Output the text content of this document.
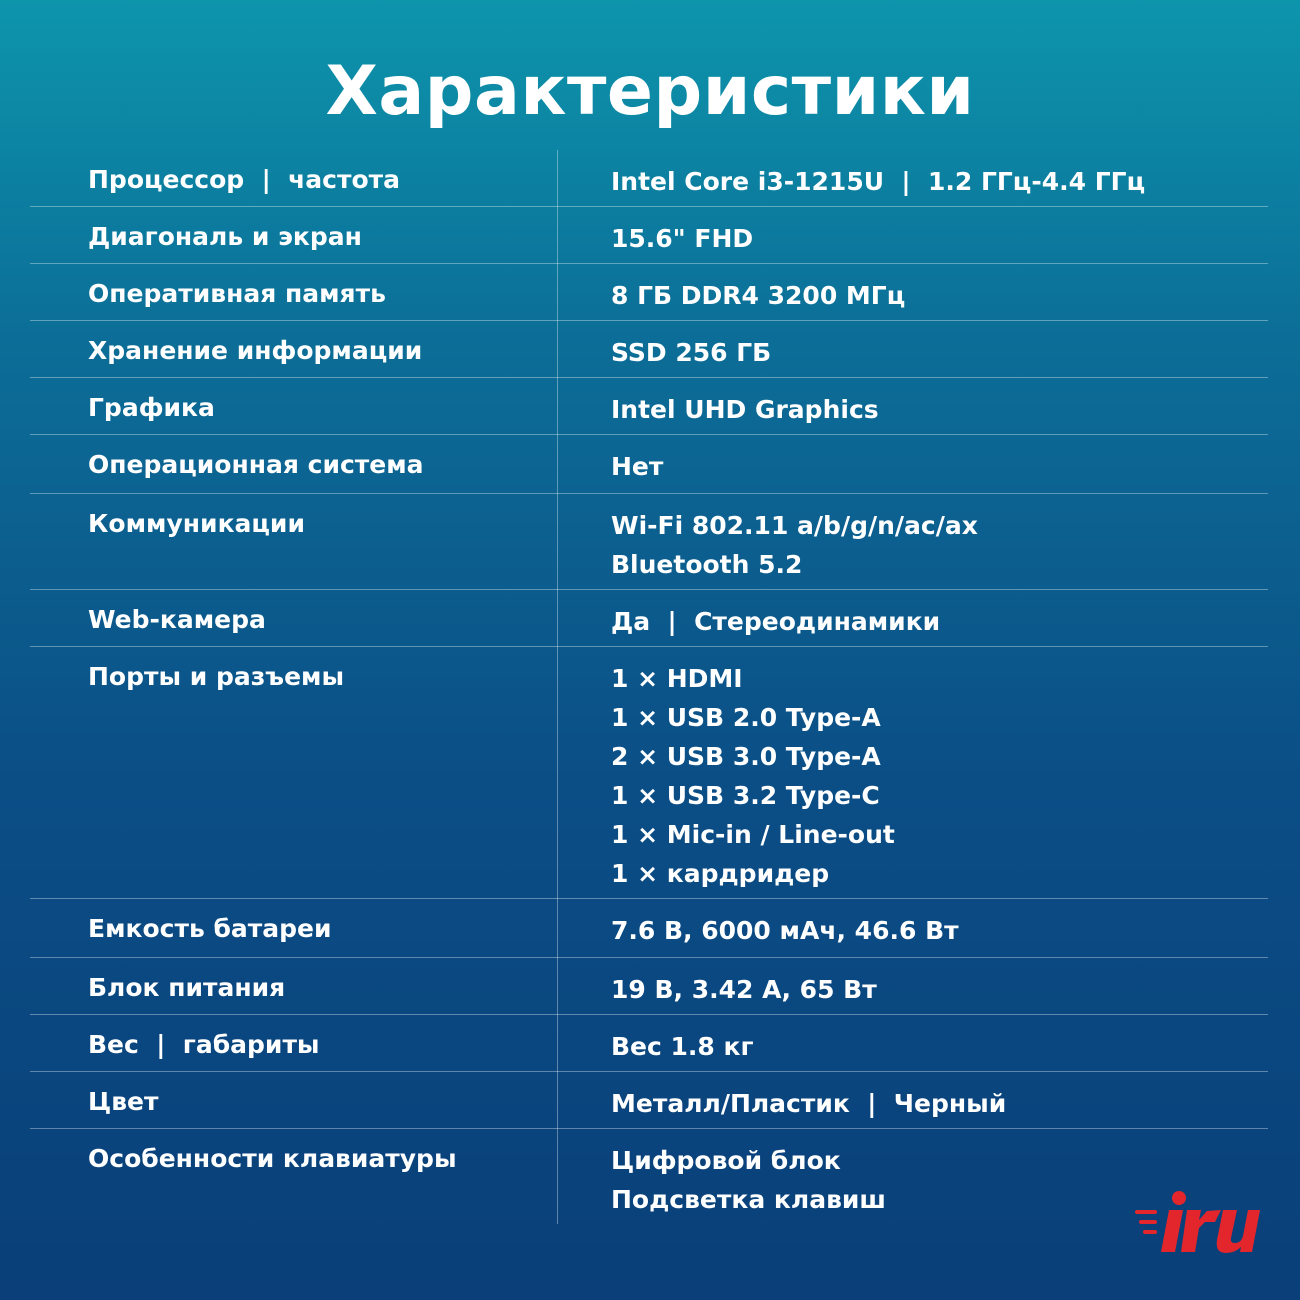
Характеристики
Процессор  |  частота	Intel Core i3-1215U  |  1.2 ГГц-4.4 ГГц
Диагональ и экран	15.6" FHD
Оперативная память	8 ГБ DDR4 3200 МГц
Хранение информации	SSD 256 ГБ
Графика	Intel UHD Graphics
Операционная система	Нет
Коммуникации	Wi-Fi 802.11 a/b/g/n/ac/ax
Bluetooth 5.2
Web-камера	Да  |  Стереодинамики
Порты и разъемы	1 × HDMI
1 × USB 2.0 Type-A
2 × USB 3.0 Type-A
1 × USB 3.2 Type-C
1 × Mic-in / Line-out
1 × кардридер
Емкость батареи	7.6 В, 6000 мАч, 46.6 Вт
Блок питания	19 В, 3.42 А, 65 Вт
Вес  |  габариты	Вес 1.8 кг
Цвет	Металл/Пластик  |  Черный
Особенности клавиатуры	Цифровой блок
Подсветка клавиш
